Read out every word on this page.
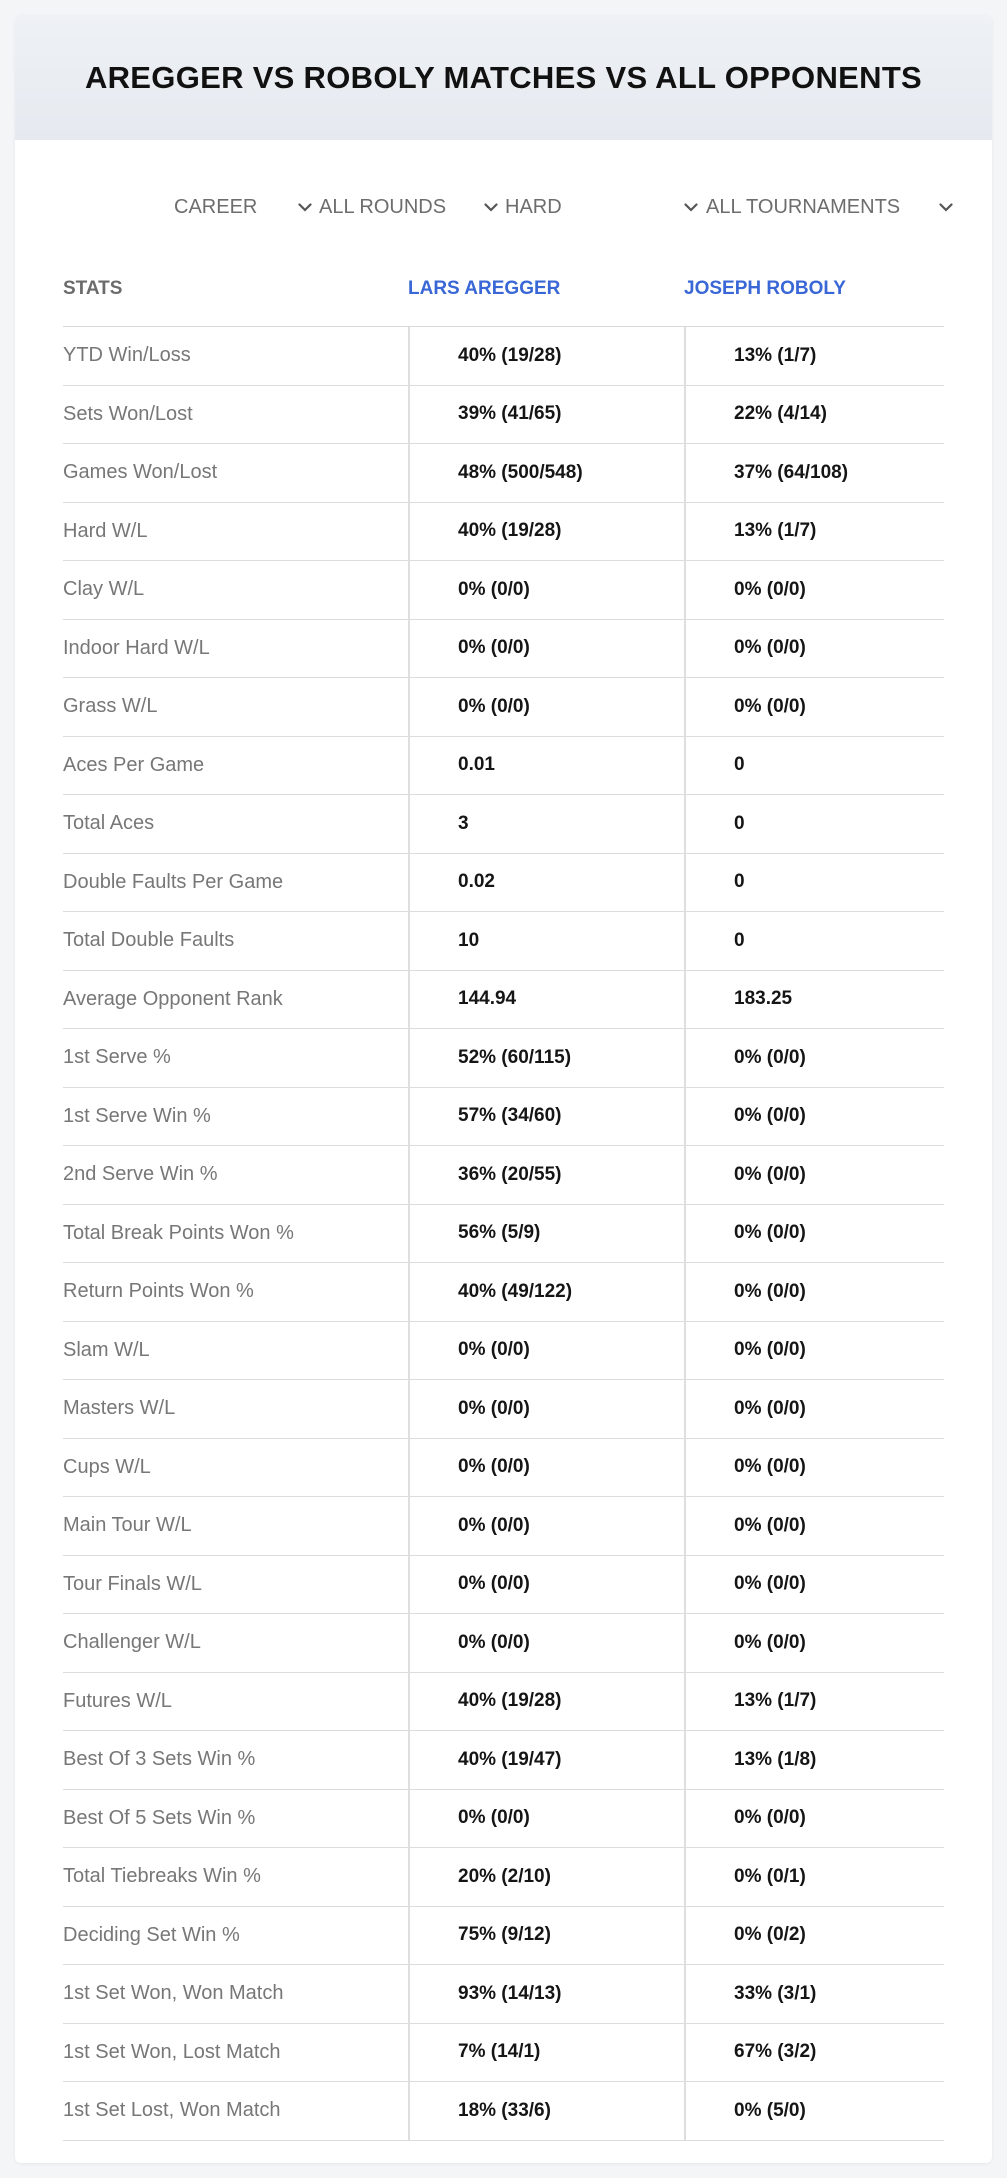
AREGGER VS ROBOLY MATCHES VS ALL OPPONENTS
CAREER	ALL ROUNDS	HARD	ALL TOURNAMENTS
STATS	LARS AREGGER	JOSEPH ROBOLY
YTD Win/Loss	40% (19/28)	13% (1/7)
Sets Won/Lost	39% (41/65)	22% (4/14)
Games Won/Lost	48% (500/548)	37% (64/108)
Hard W/L	40% (19/28)	13% (1/7)
Clay W/L	0% (0/0)	0% (0/0)
Indoor Hard W/L	0% (0/0)	0% (0/0)
Grass W/L	0% (0/0)	0% (0/0)
Aces Per Game	0.01	0
Total Aces	3	0
Double Faults Per Game	0.02	0
Total Double Faults	10	0
Average Opponent Rank	144.94	183.25
1st Serve %	52% (60/115)	0% (0/0)
1st Serve Win %	57% (34/60)	0% (0/0)
2nd Serve Win %	36% (20/55)	0% (0/0)
Total Break Points Won %	56% (5/9)	0% (0/0)
Return Points Won %	40% (49/122)	0% (0/0)
Slam W/L	0% (0/0)	0% (0/0)
Masters W/L	0% (0/0)	0% (0/0)
Cups W/L	0% (0/0)	0% (0/0)
Main Tour W/L	0% (0/0)	0% (0/0)
Tour Finals W/L	0% (0/0)	0% (0/0)
Challenger W/L	0% (0/0)	0% (0/0)
Futures W/L	40% (19/28)	13% (1/7)
Best Of 3 Sets Win %	40% (19/47)	13% (1/8)
Best Of 5 Sets Win %	0% (0/0)	0% (0/0)
Total Tiebreaks Win %	20% (2/10)	0% (0/1)
Deciding Set Win %	75% (9/12)	0% (0/2)
1st Set Won, Won Match	93% (14/13)	33% (3/1)
1st Set Won, Lost Match	7% (14/1)	67% (3/2)
1st Set Lost, Won Match	18% (33/6)	0% (5/0)
